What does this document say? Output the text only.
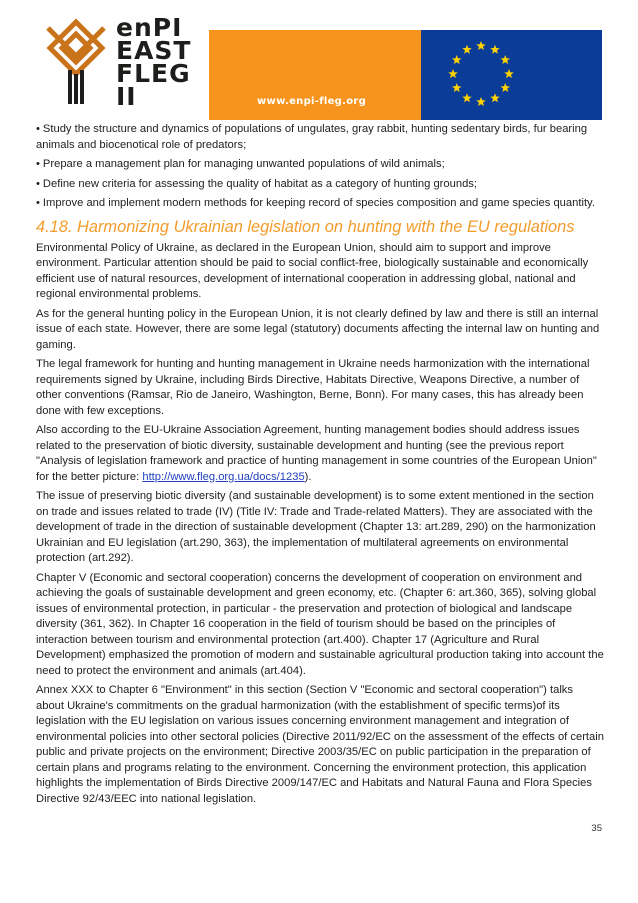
enPI
EAST
FLEG
II	www.enpi-fleg.org

• Study the structure and dynamics of populations of ungulates, gray rabbit, hunting sedentary birds, fur bearing animals and biocenotical role of predators;

• Prepare a management plan for managing unwanted populations of wild animals;

• Define new criteria for assessing the quality of habitat as a category of hunting grounds;

• Improve and implement modern methods for keeping record of species composition and game species quantity.

4.18. Harmonizing Ukrainian legislation on hunting with the EU regulations

Environmental Policy of Ukraine, as declared in the European Union, should aim to support and improve environment. Particular attention should be paid to social conflict-free, biologically sustainable and economically efficient use of natural resources, development of international cooperation in addressing global, national and regional environmental problems.

As for the general hunting policy in the European Union, it is not clearly defined by law and there is still an internal issue of each state. However, there are some legal (statutory) documents affecting the internal law on hunting and gaming.

The legal framework for hunting and hunting management in Ukraine needs harmonization with the international requirements signed by Ukraine, including Birds Directive, Habitats Directive, Weapons Directive, a number of other conventions (Ramsar, Rio de Janeiro, Washington, Berne, Bonn). For many cases, this has already been done with few exceptions.

Also according to the EU-Ukraine Association Agreement, hunting management bodies should address issues related to the preservation of biotic diversity, sustainable development and hunting (see the previous report "Analysis of legislation framework and practice of hunting management in some countries of the European Union" for the better picture: http://www.fleg.org.ua/docs/1235).

The issue of preserving biotic diversity (and sustainable development) is to some extent mentioned in the section on trade and issues related to trade (IV) (Title IV: Trade and Trade-related Matters). They are associated with the development of trade in the direction of sustainable development (Chapter 13: art.289, 290) on the harmonization Ukrainian and EU legislation (art.290, 363), the implementation of multilateral agreements on environmental protection (art.292).

Chapter V (Economic and sectoral cooperation) concerns the development of cooperation on environment and achieving the goals of sustainable development and green economy, etc. (Chapter 6: art.360, 365), solving global issues of environmental protection, in particular - the preservation and protection of biological and landscape diversity (361, 362). In Chapter 16 cooperation in the field of tourism should be based on the principles of interaction between tourism and environmental protection (art.400). Chapter 17 (Agriculture and Rural Development) emphasized the promotion of modern and sustainable agricultural production taking into account the need to protect the environment and animals (art.404).

Annex XXX to Chapter 6 "Environment" in this section (Section V "Economic and sectoral cooperation") talks about Ukraine's commitments on the gradual harmonization (with the establishment of specific terms)of its legislation with the EU legislation on various issues concerning environment management and integration of environmental policies into other sectoral policies (Directive 2011/92/EC on the assessment of the effects of certain public and private projects on the environment; Directive 2003/35/EC on public participation in the preparation of certain plans and programs relating to the environment. Concerning the environment protection, this application highlights the implementation of Birds Directive 2009/147/EC and Habitats and Natural Fauna and Flora Species Directive 92/43/EEC into national legislation.

35
